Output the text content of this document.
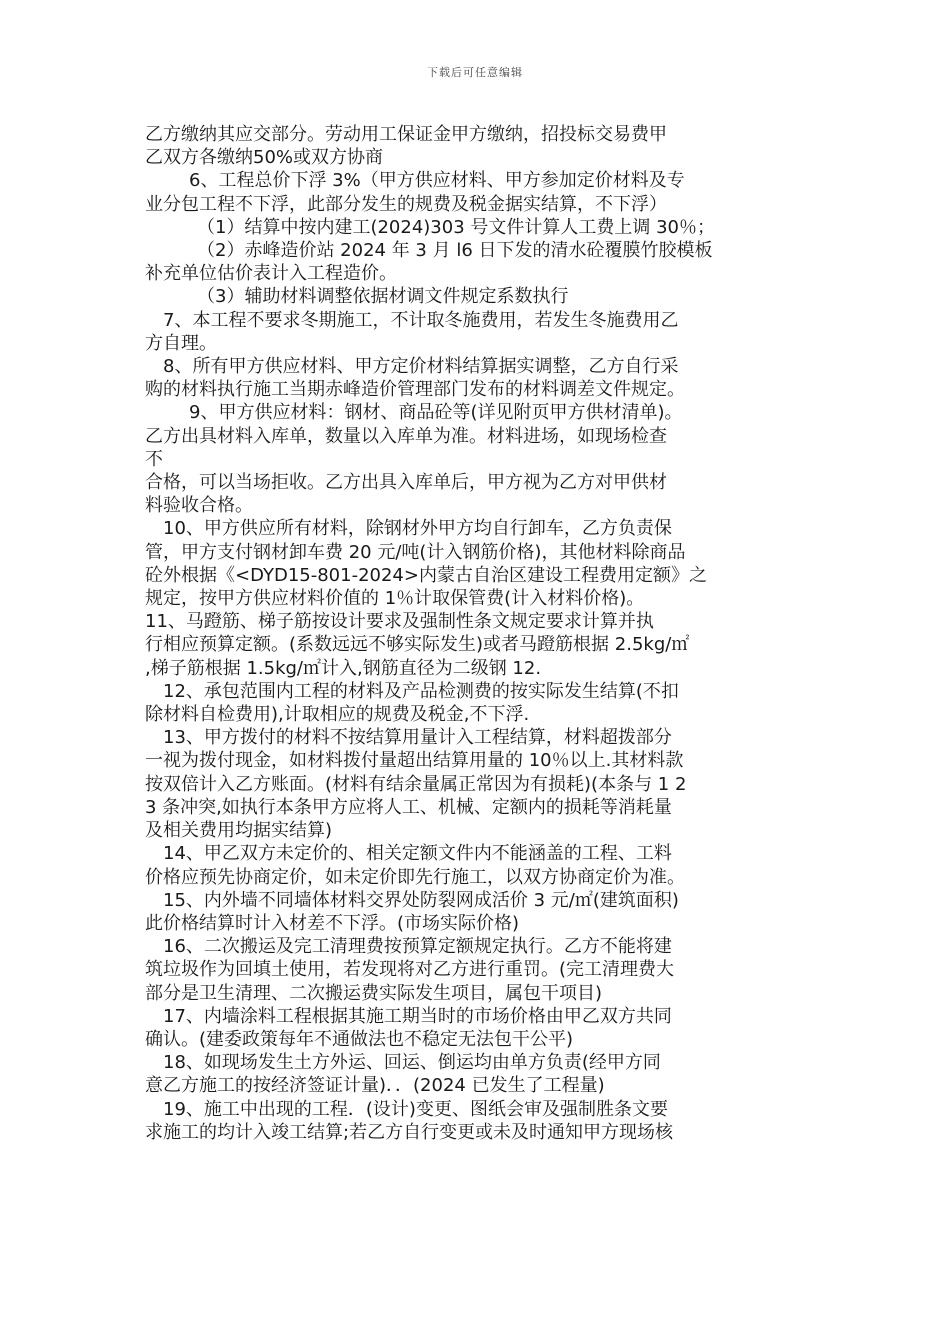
下载后可任意编辑

乙方缴纳其应交部分。劳动用工保证金甲方缴纳，招投标交易费甲

乙双方各缴纳50%或双方协商

6、工程总价下浮 3%（甲方供应材料、甲方参加定价材料及专

业分包工程不下浮，此部分发生的规费及税金据实结算，不下浮）

（1）结算中按内建工(2024)303 号文件计算人工费上调 30％；

（2）赤峰造价站 2024 年 3 月 l6 日下发的清水砼覆膜竹胶模板

补充单位估价表计入工程造价。

（3）辅助材料调整依据材调文件规定系数执行

7、本工程不要求冬期施工，不计取冬施费用，若发生冬施费用乙

方自理。

8、所有甲方供应材料、甲方定价材料结算据实调整，乙方自行采

购的材料执行施工当期赤峰造价管理部门发布的材料调差文件规定。

9、甲方供应材料：钢材、商品砼等(详见附页甲方供材清单)。

乙方出具材料入库单，数量以入库单为准。材料进场，如现场检查

不

合格，可以当场拒收。乙方出具入库单后，甲方视为乙方对甲供材

料验收合格。

10、甲方供应所有材料，除钢材外甲方均自行卸车，乙方负责保

管，甲方支付钢材卸车费 20 元/吨(计入钢筋价格)，其他材料除商品

砼外根据《<DYD15-801-2024>内蒙古自治区建设工程费用定额》之

规定，按甲方供应材料价值的 1％计取保管费(计入材料价格)。

11、马蹬筋、梯子筋按设计要求及强制性条文规定要求计算并执

行相应预算定额。(系数远远不够实际发生)或者马蹬筋根据 2.5kg/㎡

,梯子筋根据 1.5kg/㎡计入,钢筋直径为二级钢 12.

12、承包范围内工程的材料及产品检测费的按实际发生结算(不扣

除材料自检费用),计取相应的规费及税金,不下浮.

13、甲方拨付的材料不按结算用量计入工程结算，材料超拨部分

一视为拨付现金，如材料拨付量超出结算用量的 10％以上.其材料款

按双倍计入乙方账面。(材料有结余量属正常因为有损耗)(本条与 1 2

3 条冲突,如执行本条甲方应将人工、机械、定额内的损耗等消耗量

及相关费用均据实结算)

14、甲乙双方未定价的、相关定额文件内不能涵盖的工程、工料

价格应预先协商定价，如未定价即先行施工，以双方协商定价为准。

15、内外墙不同墙体材料交界处防裂网成活价 3 元/㎡(建筑面积)

此价格结算时计入材差不下浮。(市场实际价格)

16、二次搬运及完工清理费按预算定额规定执行。乙方不能将建

筑垃圾作为回填土使用，若发现将对乙方进行重罚。(完工清理费大

部分是卫生清理、二次搬运费实际发生项目，属包干项目)

17、内墙涂料工程根据其施工期当时的市场价格由甲乙双方共同

确认。(建委政策每年不通做法也不稳定无法包干公平)

18、如现场发生土方外运、回运、倒运均由单方负责(经甲方同

意乙方施工的按经济签证计量)．．(2024 已发生了工程量)

19、施工中出现的工程．(设计)变更、图纸会审及强制胜条文要

求施工的均计入竣工结算;若乙方自行变更或未及时通知甲方现场核
